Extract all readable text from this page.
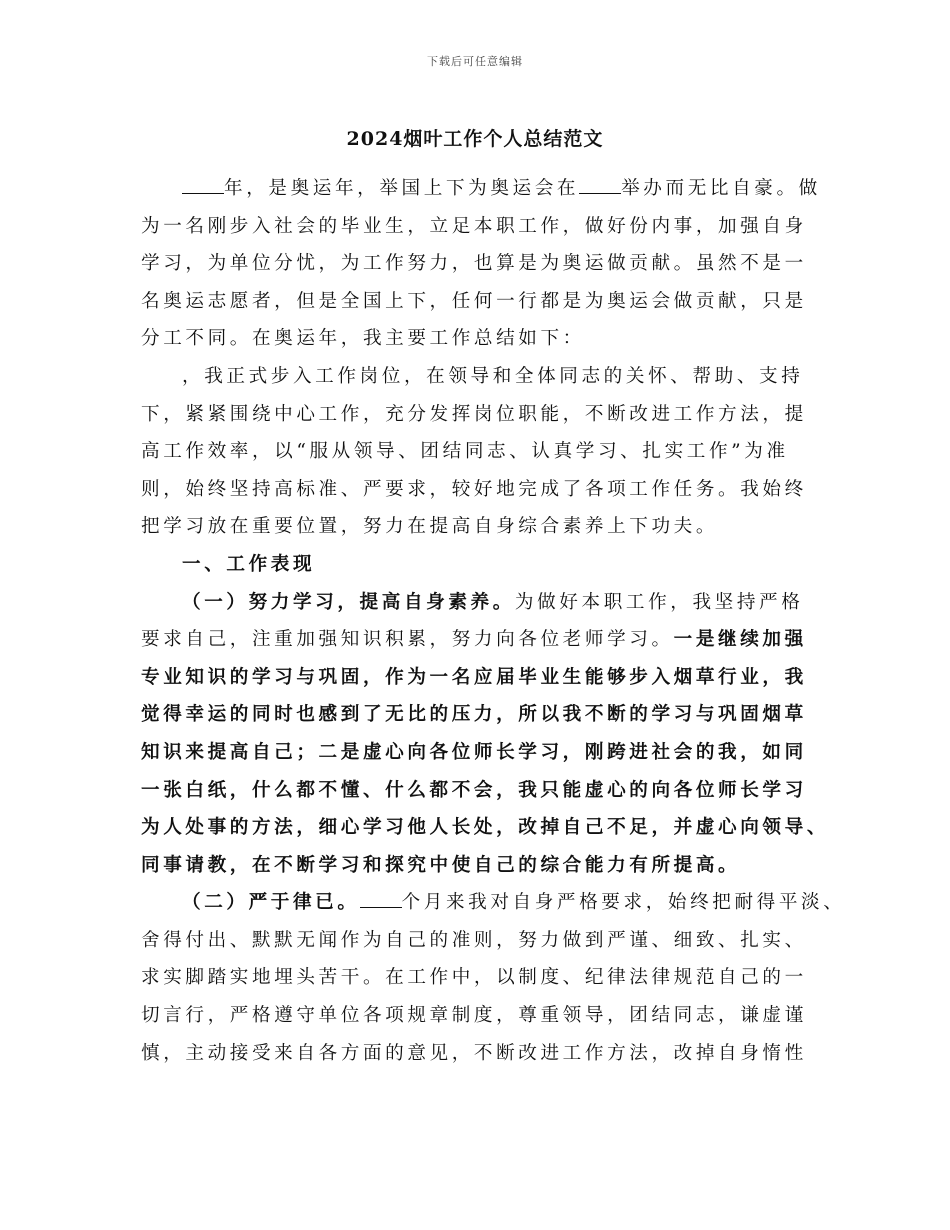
下载后可任意编辑
2024烟叶工作个人总结范文
年，是奥运年，举国上下为奥运会在 举办而无比自豪。做
为一名刚步入社会的毕业生，立足本职工作，做好份内事，加强自身
学习，为单位分忧，为工作努力，也算是为奥运做贡献。虽然不是一
名奥运志愿者，但是全国上下，任何一行都是为奥运会做贡献，只是
分工不同。在奥运年，我主要工作总结如下：
，我正式步入工作岗位，在领导和全体同志的关怀、帮助、支持
下，紧紧围绕中心工作，充分发挥岗位职能，不断改进工作方法，提
高工作效率，以“服从领导、团结同志、认真学习、扎实工作”为准
则，始终坚持高标准、严要求，较好地完成了各项工作任务。我始终
把学习放在重要位置，努力在提高自身综合素养上下功夫。
一、工作表现
（一）努力学习，提高自身素养。为做好本职工作，我坚持严格
要求自己，注重加强知识积累，努力向各位老师学习。一是继续加强
专业知识的学习与巩固，作为一名应届毕业生能够步入烟草行业，我
觉得幸运的同时也感到了无比的压力，所以我不断的学习与巩固烟草
知识来提高自己；二是虚心向各位师长学习，刚跨进社会的我，如同
一张白纸，什么都不懂、什么都不会，我只能虚心的向各位师长学习
为人处事的方法，细心学习他人长处，改掉自己不足，并虚心向领导、
同事请教，在不断学习和探究中使自己的综合能力有所提高。
（二）严于律已。 个月来我对自身严格要求，始终把耐得平淡、
舍得付出、默默无闻作为自己的准则，努力做到严谨、细致、扎实、
求实脚踏实地埋头苦干。在工作中，以制度、纪律法律规范自己的一
切言行，严格遵守单位各项规章制度，尊重领导，团结同志，谦虚谨
慎，主动接受来自各方面的意见，不断改进工作方法，改掉自身惰性
